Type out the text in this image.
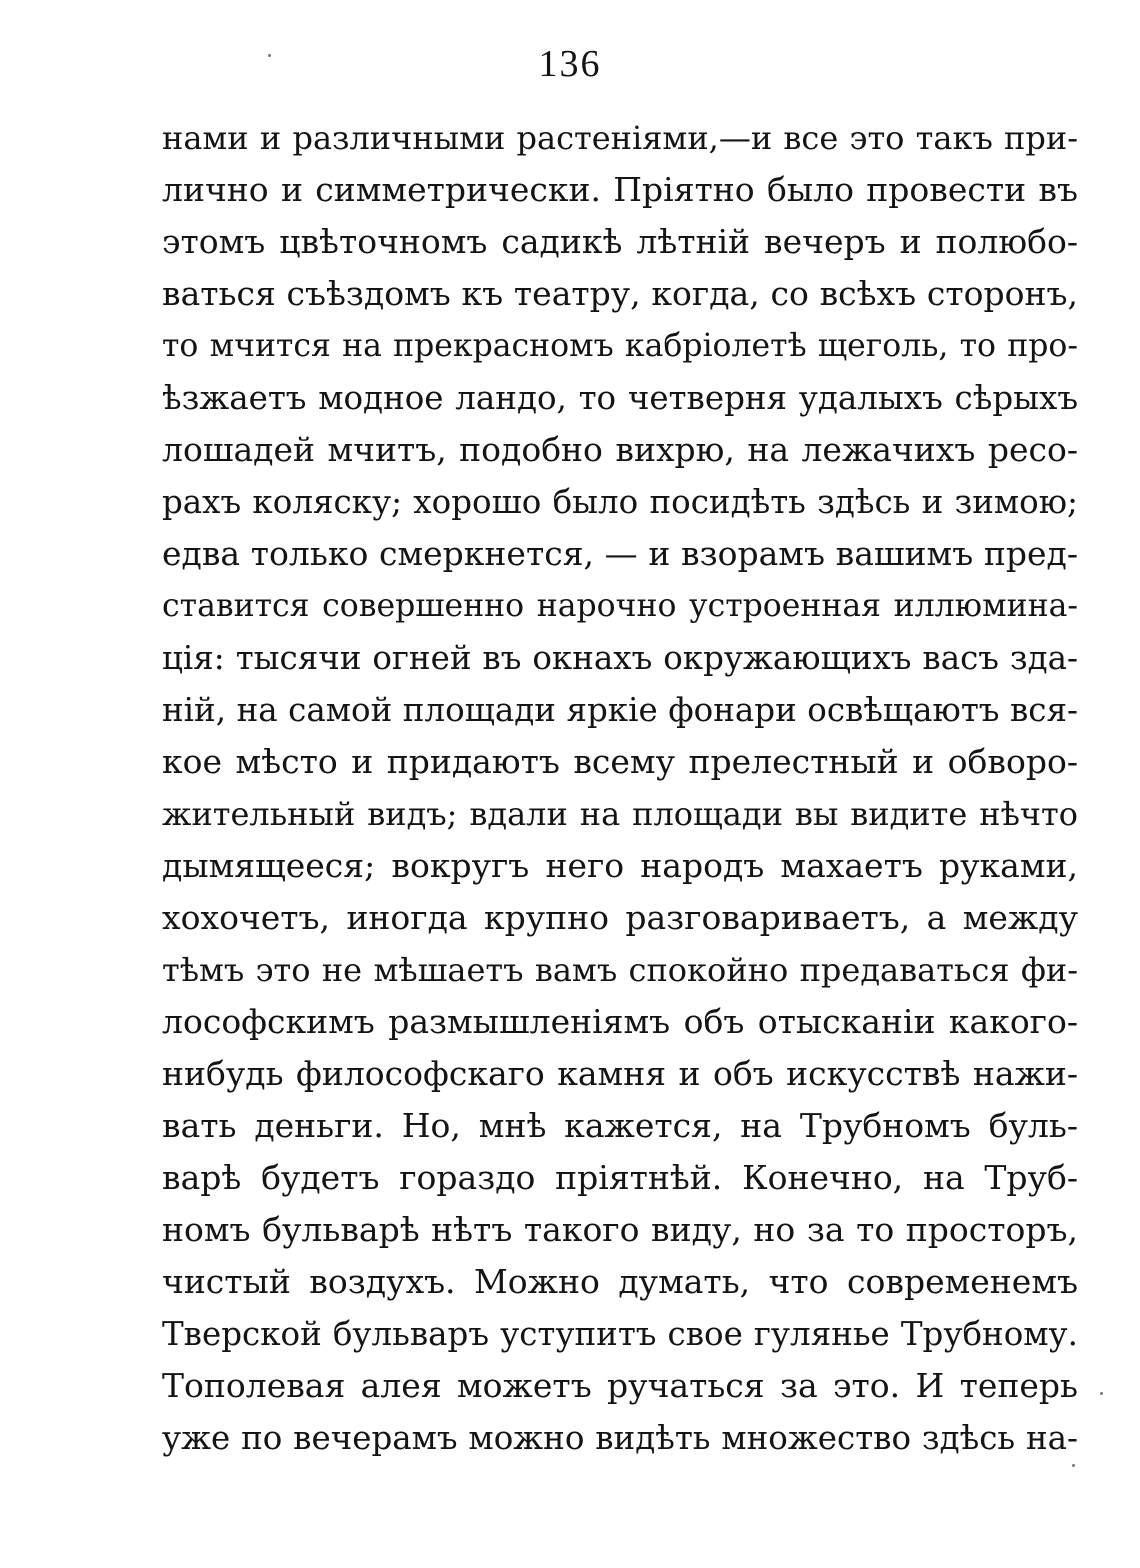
136
нами и различными растеніями,—и все это такъ при-
лично и симметрически. Пріятно было провести въ
этомъ цвѣточномъ садикѣ лѣтній вечеръ и полюбо-
ваться съѣздомъ къ театру, когда, со всѣхъ сторонъ,
то мчится на прекрасномъ кабріолетѣ щеголь, то про-
ѣзжаетъ модное ландо, то четверня удалыхъ сѣрыхъ
лошадей мчитъ, подобно вихрю, на лежачихъ ресо-
рахъ коляску; хорошо было посидѣть здѣсь и зимою;
едва только смеркнется, — и взорамъ вашимъ пред-
ставится совершенно нарочно устроенная иллюмина-
ція: тысячи огней въ окнахъ окружающихъ васъ зда-
ній, на самой площади яркіе фонари освѣщаютъ вся-
кое мѣсто и придаютъ всему прелестный и обворо-
жительный видъ; вдали на площади вы видите нѣчто
дымящееся; вокругъ него народъ махаетъ руками,
хохочетъ, иногда крупно разговариваетъ, а между
тѣмъ это не мѣшаетъ вамъ спокойно предаваться фи-
лософскимъ размышленіямъ объ отысканіи какого-
нибудь философскаго камня и объ искусствѣ нажи-
вать деньги. Но, мнѣ кажется, на Трубномъ буль-
варѣ будетъ гораздо пріятнѣй. Конечно, на Труб-
номъ бульварѣ нѣтъ такого виду, но за то просторъ,
чистый воздухъ. Можно думать, что современемъ
Тверской бульваръ уступитъ свое гулянье Трубному.
Тополевая алея можетъ ручаться за это. И теперь
уже по вечерамъ можно видѣть множество здѣсь на-
